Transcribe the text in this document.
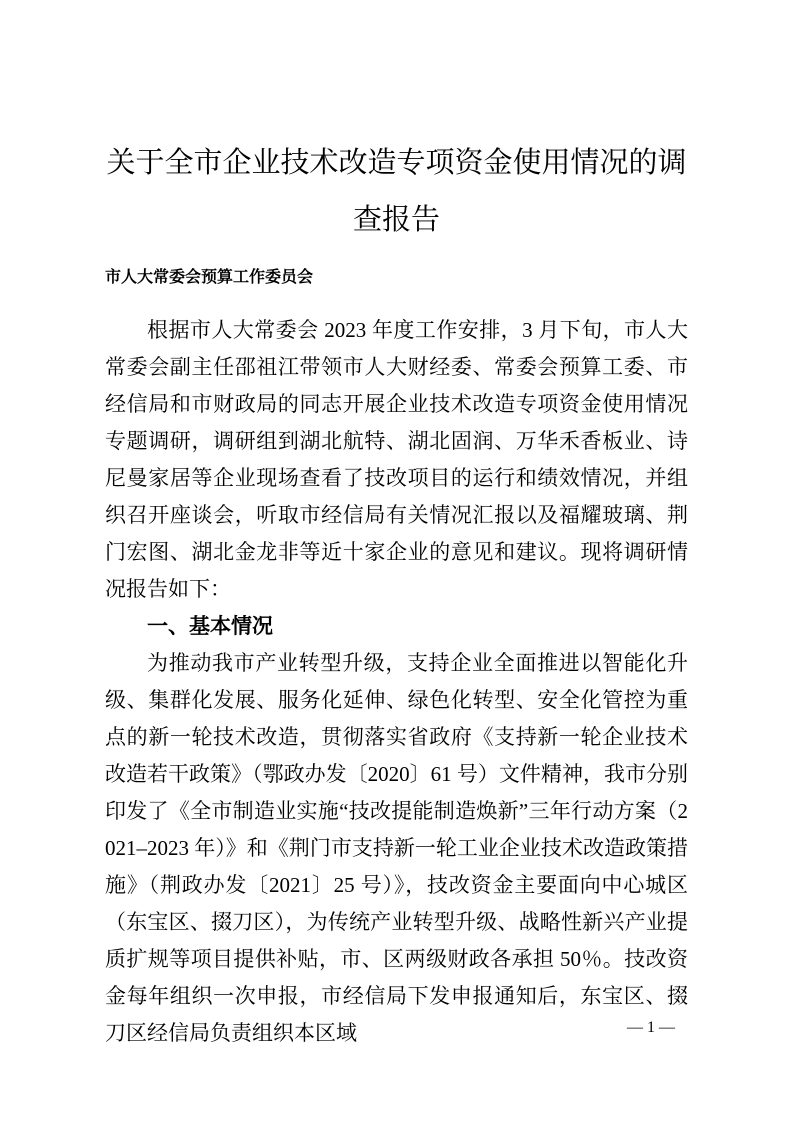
关于全市企业技术改造专项资金使用情况的调查报告
市人大常委会预算工作委员会

根据市人大常委会 2023 年度工作安排，3 月下旬，市人大常委会副主任邵祖江带领市人大财经委、常委会预算工委、市经信局和市财政局的同志开展企业技术改造专项资金使用情况专题调研，调研组到湖北航特、湖北固润、万华禾香板业、诗尼曼家居等企业现场查看了技改项目的运行和绩效情况，并组织召开座谈会，听取市经信局有关情况汇报以及福耀玻璃、荆门宏图、湖北金龙非等近十家企业的意见和建议。现将调研情况报告如下：

一、基本情况

为推动我市产业转型升级，支持企业全面推进以智能化升级、集群化发展、服务化延伸、绿色化转型、安全化管控为重点的新一轮技术改造，贯彻落实省政府《支持新一轮企业技术改造若干政策》（鄂政办发〔2020〕61 号）文件精神，我市分别印发了《全市制造业实施“技改提能制造焕新”三年行动方案（2021–2023 年）》和《荆门市支持新一轮工业企业技术改造政策措施》（荆政办发〔2021〕25 号）》，技改资金主要面向中心城区（东宝区、掇刀区），为传统产业转型升级、战略性新兴产业提质扩规等项目提供补贴，市、区两级财政各承担 50％。技改资金每年组织一次申报，市经信局下发申报通知后，东宝区、掇刀区经信局负责组织本区域	— 1 —
